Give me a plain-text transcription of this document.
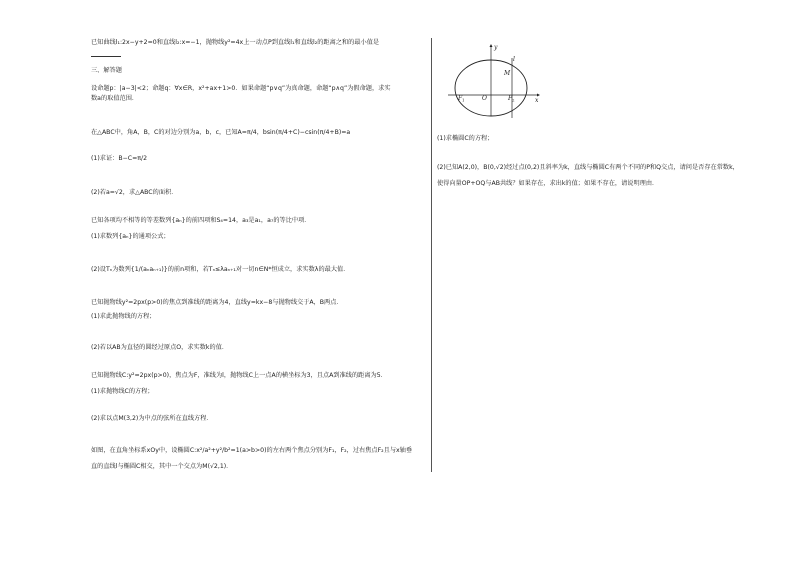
已知曲线l₁:2x−y+2=0和直线l₂:x=−1，抛物线y²=4x上一动点P到直线l₁和直线l₂的距离之和的最小值是
三、解答题
设命题p：|a−3|<2；命题q：∀x∈R，x²+ax+1>0．如果命题“p∨q”为真命题，命题“p∧q”为假命题，求实
数a的取值范围．
在△ABC中，角A，B，C的对边分别为a，b，c，已知A=π/4，bsin(π/4+C)−csin(π/4+B)=a
(1)求证：B−C=π/2
(2)若a=√2，求△ABC的面积．
已知各项均不相等的等差数列{aₙ}的前四项和S₄=14，a₃是a₁，a₇的等比中项．
(1)求数列{aₙ}的通项公式；
(2)设Tₙ为数列{1/(aₙaₙ₊₁)}的前n项和，若Tₙ≤λaₙ₊₁对一切n∈N*恒成立，求实数λ的最大值．
已知抛物线y²=2px(p>0)的焦点到准线的距离为4，直线y=kx−8与抛物线交于A，B两点．
(1)求此抛物线的方程；
(2)若以AB为直径的圆经过原点O，求实数k的值．
已知抛物线C:y²=2px(p>0)，焦点为F，准线为l，抛物线C上一点A的横坐标为3，且点A到准线的距离为5．
(1)求抛物线C的方程；
(2)求以点M(3,2)为中点的弦所在直线方程．
如图，在直角坐标系xOy中，设椭圆C:x²/a²+y²/b²=1(a>b>0)的左右两个焦点分别为F₁，F₂，过右焦点F₂且与x轴垂
直的直线l与椭圆C相交，其中一个交点为M(√2,1)．
y
l
M
O	x
F 1	F 2
(1)求椭圆C的方程；
(2)已知A(2,0)，B(0,√2)经过点(0,2)且斜率为k，直线与椭圆C有两个不同的P和Q交点，请问是否存在常数k，
使得向量OP+OQ与AB共线？如果存在，求出k的值；如果不存在，请说明理由．
